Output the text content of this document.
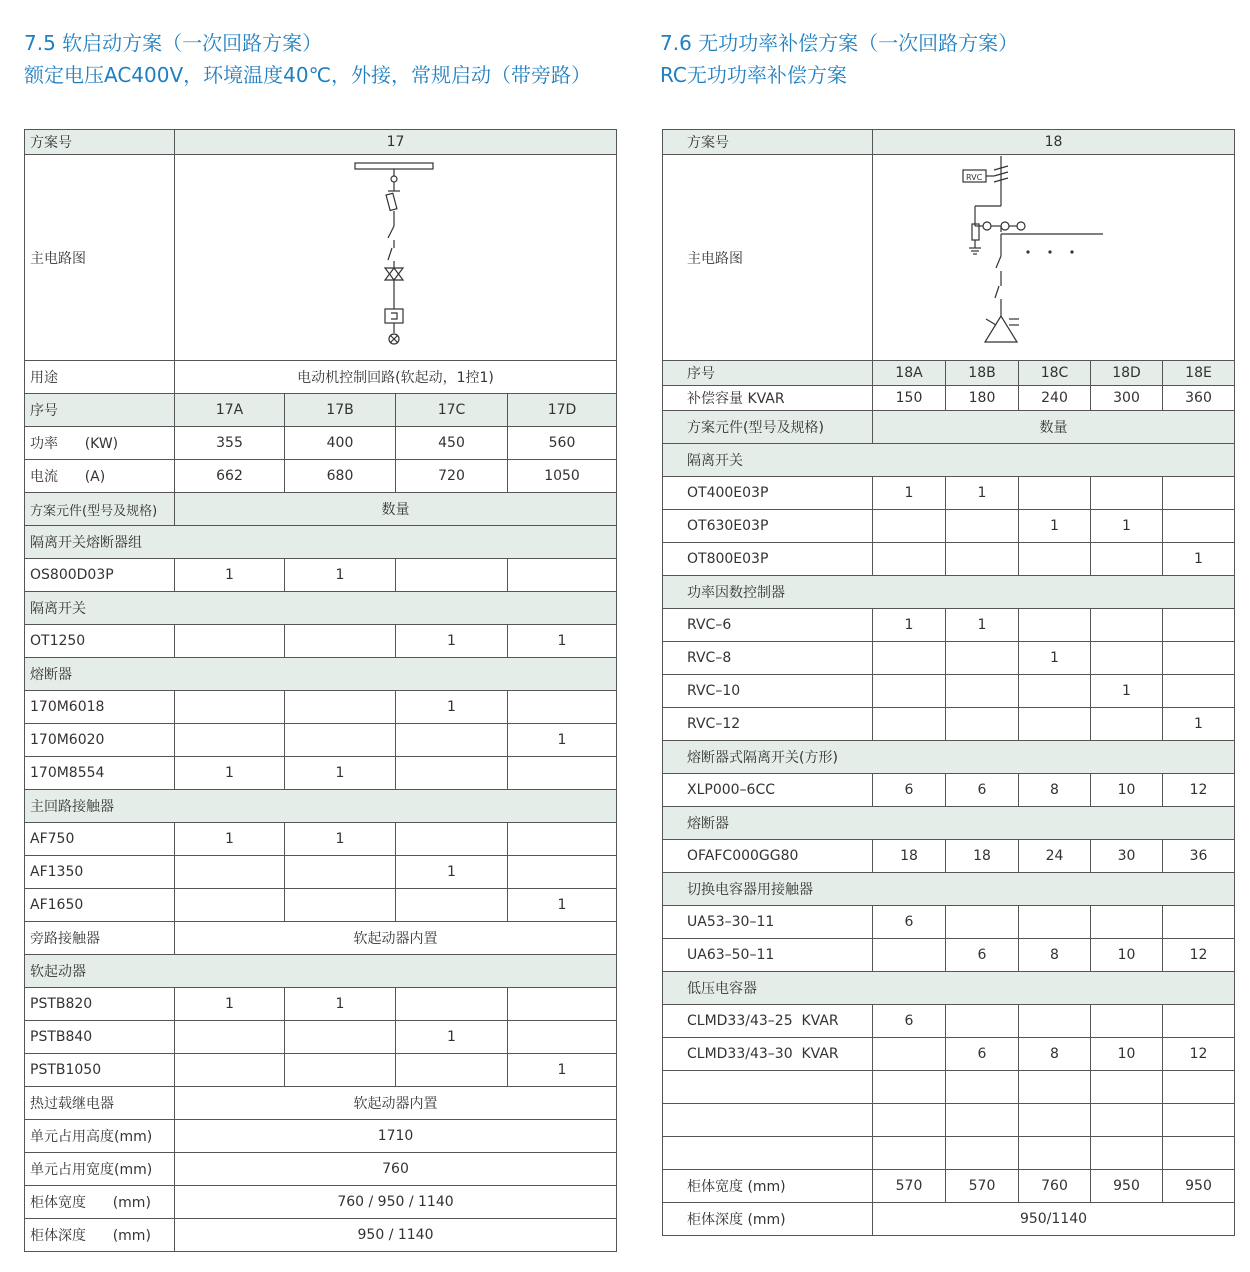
7.5 软启动方案（一次回路方案）
额定电压AC400V，环境温度40℃，外接，常规启动（带旁路）
7.6 无功功率补偿方案（一次回路方案）
RC无功功率补偿方案
方案号	17			
主电路图	

用途	电动机控制回路(软起动，1控1)			
序号	17A	17B	17C	17D
功率      (KW)	355	400	450	560
电流      (A)	662	680	720	1050
方案元件(型号及规格)	数量			
隔离开关熔断器组				
OS800D03P	1	1		
隔离开关				
OT1250			1	1
熔断器				
170M6018			1	
170M6020				1
170M8554	1	1		
主回路接触器				
AF750	1	1		
AF1350			1	
AF1650				1
旁路接触器	软起动器内置			
软起动器				
PSTB820	1	1		
PSTB840			1	
PSTB1050				1
热过载继电器	软起动器内置			
单元占用高度(mm)	1710			
单元占用宽度(mm)	760			
柜体宽度      (mm)	760 / 950 / 1140			
柜体深度      (mm)	950 / 1140			
方案号	18				
主电路图	RVC				

序号	18A	18B	18C	18D	18E
补偿容量 KVAR	150	180	240	300	360
方案元件(型号及规格)	数量				
隔离开关					
OT400E03P	1	1			
OT630E03P			1	1	
OT800E03P					1
功率因数控制器					
RVC–6	1	1			
RVC–8			1		
RVC–10				1	
RVC–12					1
熔断器式隔离开关(方形)					
XLP000–6CC	6	6	8	10	12
熔断器					
OFAFC000GG80	18	18	24	30	36
切换电容器用接触器					
UA53–30–11	6				
UA63–50–11		6	8	10	12
低压电容器					
CLMD33/43–25  KVAR	6				
CLMD33/43–30  KVAR		6	8	10	12

柜体宽度 (mm)	570	570	760	950	950
柜体深度 (mm)	950/1140				
